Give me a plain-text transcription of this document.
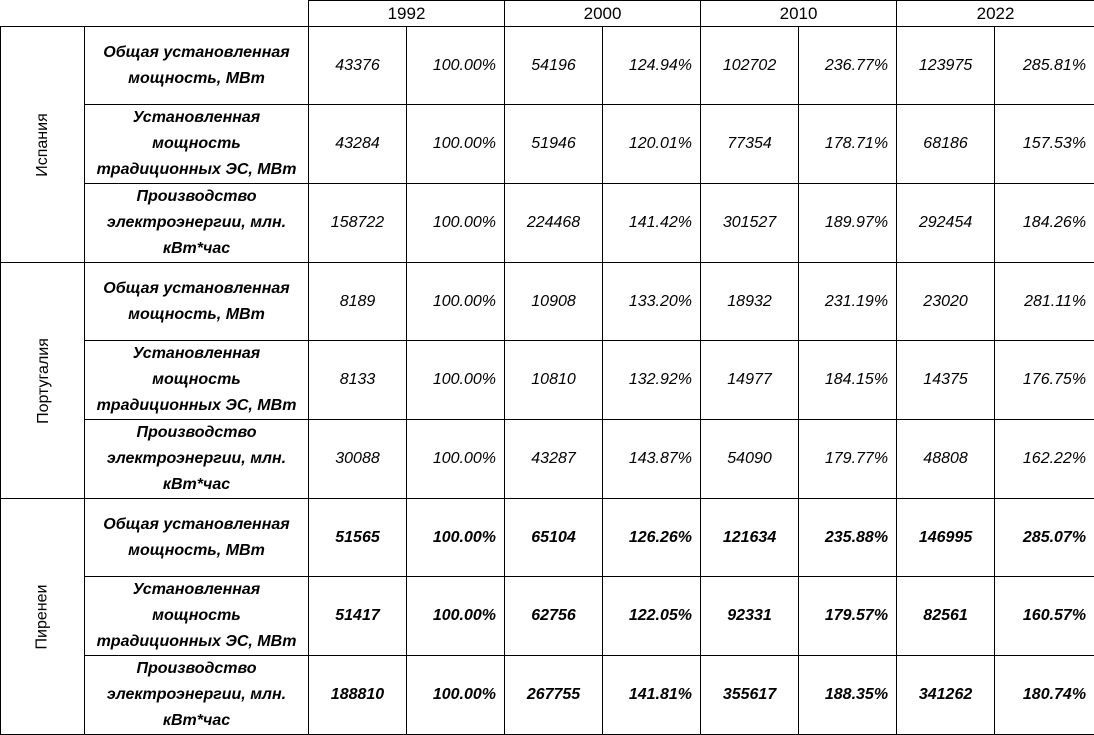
		1992		2000		2010		2022	
Испания	Общая установленная мощность, МВт	43376	100.00%	54196	124.94%	102702	236.77%	123975	285.81%
	Установленная мощность традиционных ЭС, МВт	43284	100.00%	51946	120.01%	77354	178.71%	68186	157.53%
	Производство электроэнергии, млн. кВт*час	158722	100.00%	224468	141.42%	301527	189.97%	292454	184.26%
Португалия	Общая установленная мощность, МВт	8189	100.00%	10908	133.20%	18932	231.19%	23020	281.11%
	Установленная мощность традиционных ЭС, МВт	8133	100.00%	10810	132.92%	14977	184.15%	14375	176.75%
	Производство электроэнергии, млн. кВт*час	30088	100.00%	43287	143.87%	54090	179.77%	48808	162.22%
Пиренеи	Общая установленная мощность, МВт	51565	100.00%	65104	126.26%	121634	235.88%	146995	285.07%
	Установленная мощность традиционных ЭС, МВт	51417	100.00%	62756	122.05%	92331	179.57%	82561	160.57%
	Производство электроэнергии, млн. кВт*час	188810	100.00%	267755	141.81%	355617	188.35%	341262	180.74%
